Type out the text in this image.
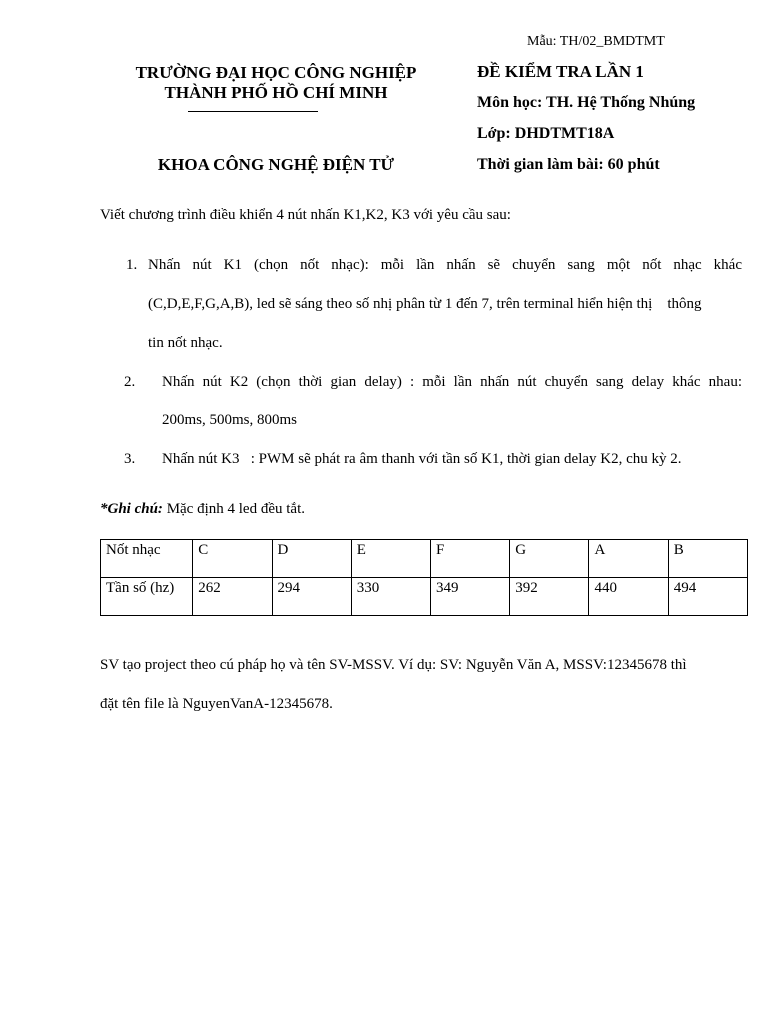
Mẫu: TH/02_BMDTMT
TRƯỜNG ĐẠI HỌC CÔNG NGHIỆP
THÀNH PHỐ HỒ CHÍ MINH
KHOA CÔNG NGHỆ ĐIỆN TỬ
ĐỀ KIỂM TRA LẦN 1
Môn học: TH. Hệ Thống Nhúng
Lớp: DHDTMT18A
Thời gian làm bài: 60 phút
Viết chương trình điều khiển 4 nút nhấn K1,K2, K3 với yêu cầu sau:
1. Nhấn nút K1 (chọn nốt nhạc): mỗi lần nhấn sẽ chuyển sang một nốt nhạc khác
(C,D,E,F,G,A,B), led sẽ sáng theo số nhị phân từ 1 đến 7, trên terminal hiển hiện thị    thông
tin nốt nhạc.
2. Nhấn nút K2 (chọn thời gian delay) : mỗi lần nhấn nút chuyển sang delay khác nhau:
200ms, 500ms, 800ms
3. Nhấn nút K3   : PWM sẽ phát ra âm thanh với tần số K1, thời gian delay K2, chu kỳ 2.
*Ghi chú: Mặc định 4 led đều tắt.
Nốt nhạc	C	D	E	F	G	A	B
Tần số (hz)	262	294	330	349	392	440	494
SV tạo project theo cú pháp họ và tên SV-MSSV. Ví dụ: SV: Nguyễn Văn A, MSSV:12345678 thì
đặt tên file là NguyenVanA-12345678.
